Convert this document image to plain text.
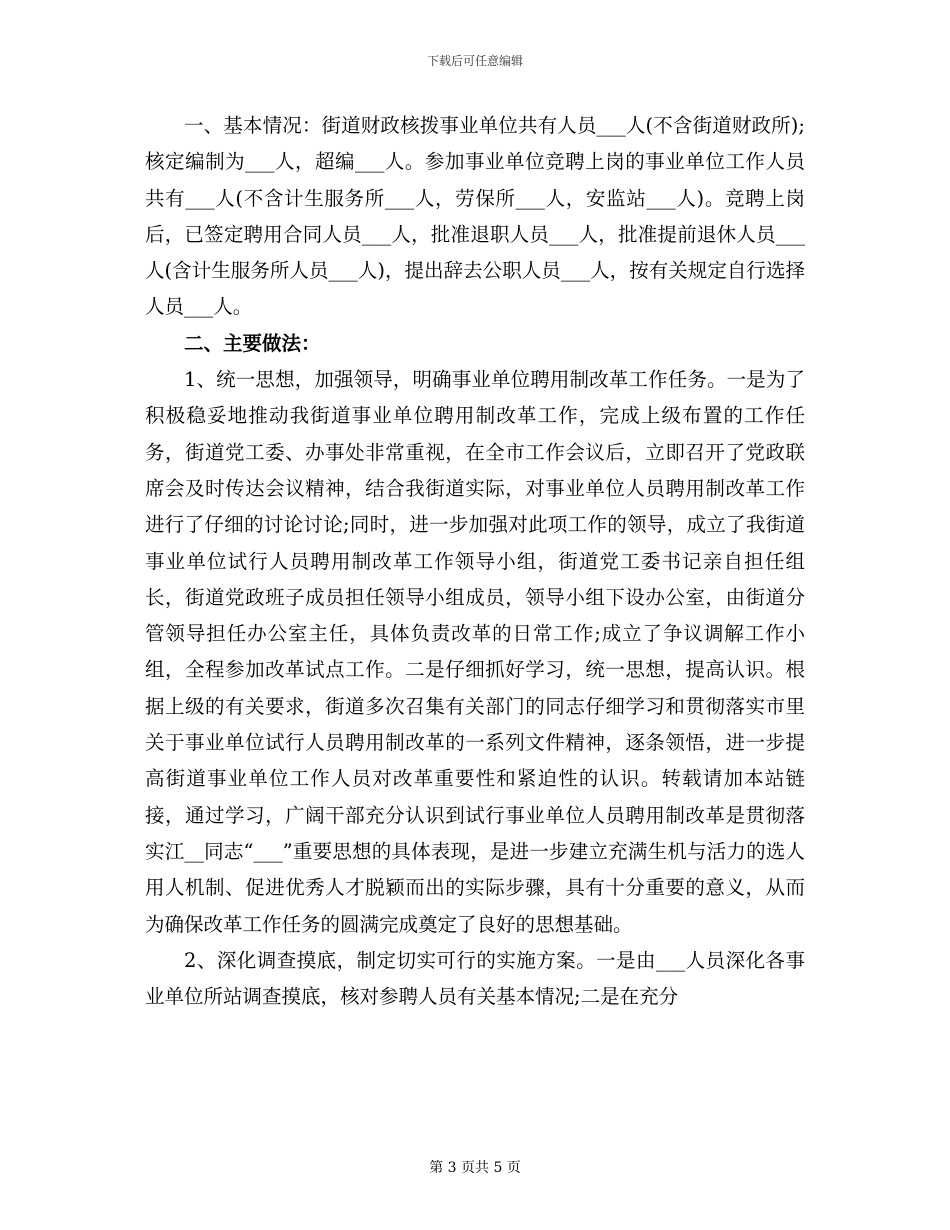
下载后可任意编辑

一、基本情况：街道财政核拨事业单位共有人员___人(不含街道财政所);核定编制为___人，超编___人。参加事业单位竞聘上岗的事业单位工作人员共有___人(不含计生服务所___人，劳保所___人，安监站___人)。竞聘上岗后，已签定聘用合同人员___人，批准退职人员___人，批准提前退休人员___人(含计生服务所人员___人)，提出辞去公职人员___人，按有关规定自行选择人员___人。

二、主要做法：

1、统一思想，加强领导，明确事业单位聘用制改革工作任务。一是为了积极稳妥地推动我街道事业单位聘用制改革工作，完成上级布置的工作任务，街道党工委、办事处非常重视，在全市工作会议后，立即召开了党政联席会及时传达会议精神，结合我街道实际，对事业单位人员聘用制改革工作进行了仔细的讨论讨论;同时，进一步加强对此项工作的领导，成立了我街道事业单位试行人员聘用制改革工作领导小组，街道党工委书记亲自担任组长，街道党政班子成员担任领导小组成员，领导小组下设办公室，由街道分管领导担任办公室主任，具体负责改革的日常工作;成立了争议调解工作小组，全程参加改革试点工作。二是仔细抓好学习，统一思想，提高认识。根据上级的有关要求，街道多次召集有关部门的同志仔细学习和贯彻落实市里关于事业单位试行人员聘用制改革的一系列文件精神，逐条领悟，进一步提高街道事业单位工作人员对改革重要性和紧迫性的认识。转载请加本站链接，通过学习，广阔干部充分认识到试行事业单位人员聘用制改革是贯彻落实江__同志“___”重要思想的具体表现，是进一步建立充满生机与活力的选人用人机制、促进优秀人才脱颖而出的实际步骤，具有十分重要的意义，从而为确保改革工作任务的圆满完成奠定了良好的思想基础。

2、深化调查摸底，制定切实可行的实施方案。一是由___人员深化各事业单位所站调查摸底，核对参聘人员有关基本情况;二是在充分

第 3 页共 5 页
